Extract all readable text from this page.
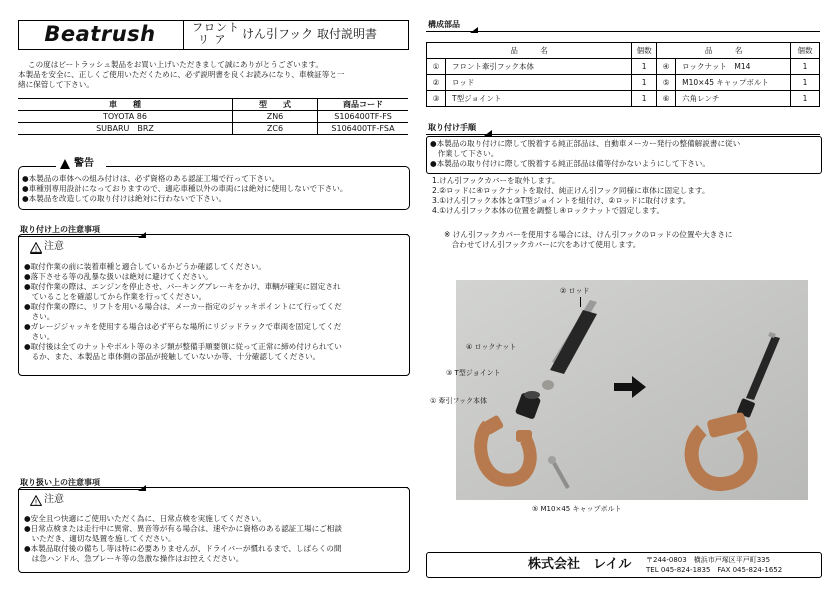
Beatrush	フロント
リ ア けん引フック 取付説明書
この度はビートラッシュ製品をお買い上げいただきまして誠にありがとうございます。
本製品を安全に、正しくご使用いただくために、必ず説明書を良くお読みになり、車検証等と一
緒に保管して下さい。
車　　種	型　　式	商品コード
TOYOTA 86	ZN6	S106400TF-FS
SUBARU　BRZ	ZC6	S106400TF-FSA
警告
●本製品の車体への組み付けは、必ず資格のある認証工場で行って下さい。
●車種別専用設計になっておりますので、適応車種以外の車両には絶対に使用しないで下さい。
●本製品を改造しての取り付けは絶対に行わないで下さい。
取り付け上の注意事項
! 注意
●取付作業の前に装着車種と適合しているかどうか確認してください。
●落下させる等の乱暴な扱いは絶対に避けてください。
●取付作業の際は、エンジンを停止させ、パーキングブレーキをかけ、車輌が確実に固定され
　ていることを確認してから作業を行ってください。
●取付作業の際に、リフトを用いる場合は、メーカー指定のジャッキポイントにて行ってくだ
　さい。
●ガレージジャッキを使用する場合は必ず平らな場所にリジッドラックで車両を固定してくだ
　さい。
●取付後は全てのナットやボルト等のネジ類が整備手順要領に従って正常に締め付けられてい
　るか、また、本製品と車体側の部品が接触していないか等、十分確認してください。
取り扱い上の注意事項
! 注意
●安全且つ快適にご使用いただく為に、日常点検を実施してください。
●日常点検または走行中に異常、異音等が有る場合は、速やかに資格のある認証工場にご相談
　いただき、適切な処置を施してください。
●本製品取付後の備ちし等は特に必要ありませんが、ドライバーが慣れるまで、しばらくの間
　は急ハンドル、急ブレーキ等の急激な操作はお控えください。
構成部品
品　　　名		個数	品　　　名		個数
①	フロント牽引フック本体	1	④	ロックナット　M14	1
②	ロッド	1	⑤	M10×45 キャップボルト	1
③	T型ジョイント	1	⑥	六角レンチ	1
取り付け手順
●本製品の取り付けに際して脱着する純正部品は、自動車メーカー発行の整備解説書に従い
　作業して下さい。
●本製品の取り付けに際して脱着する純正部品は備等付かないようにして下さい。
1.けん引フックカバーを取外します。
2.②ロッドに④ロックナットを取付、純正けん引フック同様に車体に固定します。
3.①けん引フック本体と③T型ジョイントを組付け、②ロッドに取付けます。
4.①けん引フック本体の位置を調整し④ロックナットで固定します。
※ けん引フックカバーを使用する場合には、けん引フックのロッドの位置や大きさに
　合わせてけん引フックカバーに穴をあけて使用します。
② ロッド
④ ロックナット
③ T型ジョイント
① 牽引フック本体
⑤ M10×45 キャップボルト
株式会社　レイル 〒244-0803　横浜市戸塚区平戸町335
TEL 045-824-1835　FAX 045-824-1652
